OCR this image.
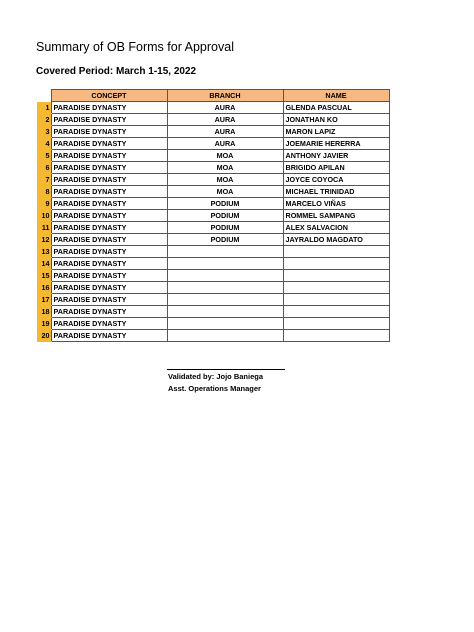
Summary of OB Forms for Approval
Covered Period: March 1-15, 2022
	CONCEPT	BRANCH	NAME
1	PARADISE DYNASTY	AURA	GLENDA PASCUAL
2	PARADISE DYNASTY	AURA	JONATHAN KO
3	PARADISE DYNASTY	AURA	MARON LAPIZ
4	PARADISE DYNASTY	AURA	JOEMARIE HERERRA
5	PARADISE DYNASTY	MOA	ANTHONY JAVIER
6	PARADISE DYNASTY	MOA	BRIGIDO APILAN
7	PARADISE DYNASTY	MOA	JOYCE COYOCA
8	PARADISE DYNASTY	MOA	MICHAEL TRINIDAD
9	PARADISE DYNASTY	PODIUM	MARCELO VIÑAS
10	PARADISE DYNASTY	PODIUM	ROMMEL SAMPANG
11	PARADISE DYNASTY	PODIUM	ALEX SALVACION
12	PARADISE DYNASTY	PODIUM	JAYRALDO MAGDATO
13	PARADISE DYNASTY		
14	PARADISE DYNASTY		
15	PARADISE DYNASTY		
16	PARADISE DYNASTY		
17	PARADISE DYNASTY		
18	PARADISE DYNASTY		
19	PARADISE DYNASTY		
20	PARADISE DYNASTY		
Validated by: Jojo Baniega
Asst. Operations Manager
